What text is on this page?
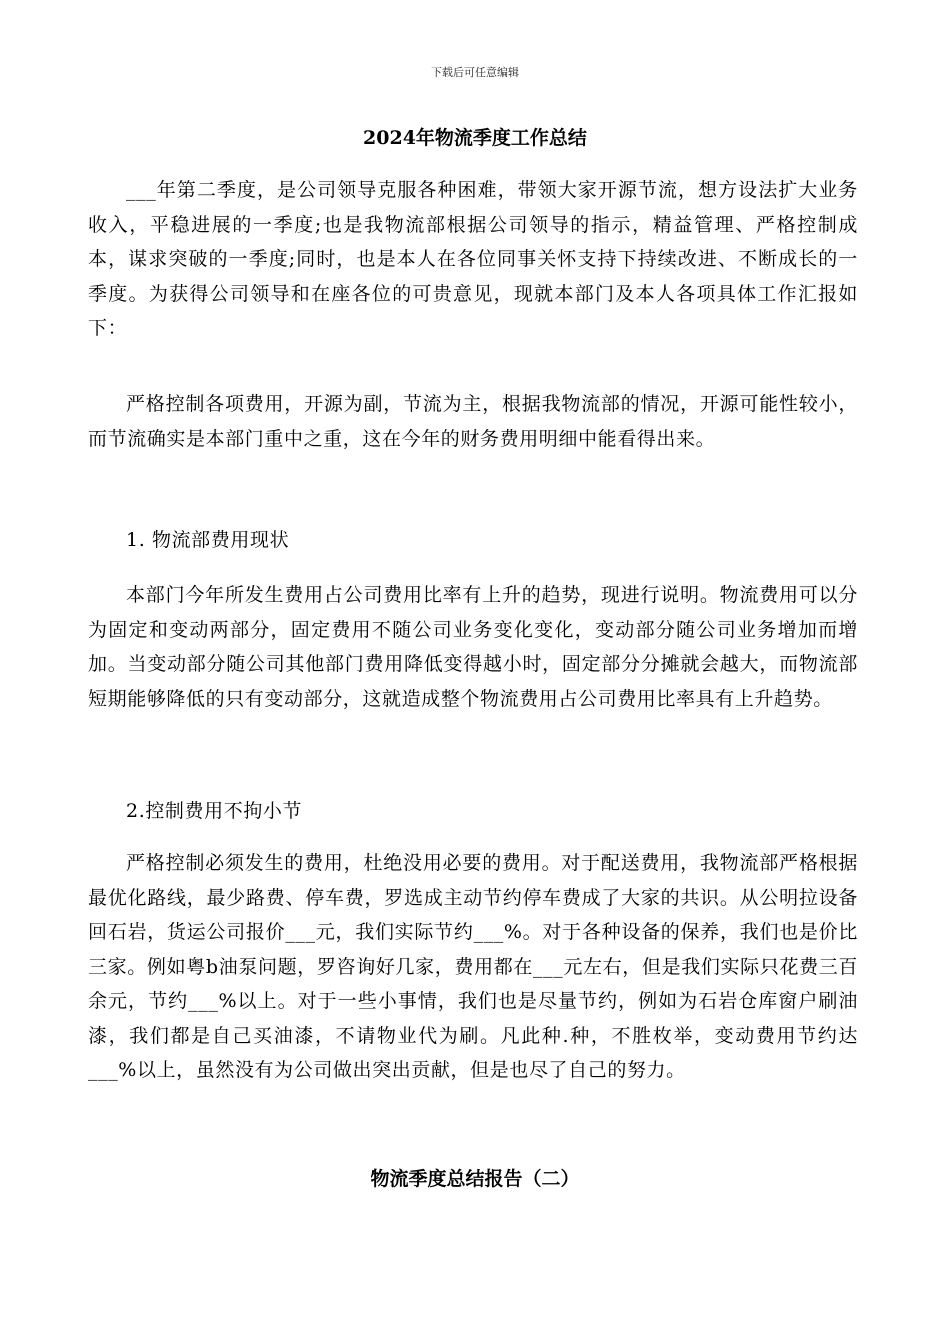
下载后可任意编辑
2024年物流季度工作总结

___年第二季度，是公司领导克服各种困难，带领大家开源节流，想方设法扩大业务收入，平稳进展的一季度;也是我物流部根据公司领导的指示，精益管理、严格控制成本，谋求突破的一季度;同时，也是本人在各位同事关怀支持下持续改进、不断成长的一季度。为获得公司领导和在座各位的可贵意见，现就本部门及本人各项具体工作汇报如下：

严格控制各项费用，开源为副，节流为主，根据我物流部的情况，开源可能性较小，而节流确实是本部门重中之重，这在今年的财务费用明细中能看得出来。

1. 物流部费用现状

本部门今年所发生费用占公司费用比率有上升的趋势，现进行说明。物流费用可以分为固定和变动两部分，固定费用不随公司业务变化变化，变动部分随公司业务增加而增加。当变动部分随公司其他部门费用降低变得越小时，固定部分分摊就会越大，而物流部短期能够降低的只有变动部分，这就造成整个物流费用占公司费用比率具有上升趋势。

2.控制费用不拘小节

严格控制必须发生的费用，杜绝没用必要的费用。对于配送费用，我物流部严格根据最优化路线，最少路费、停车费，罗选成主动节约停车费成了大家的共识。从公明拉设备回石岩，货运公司报价___元，我们实际节约___%。对于各种设备的保养，我们也是价比三家。例如粤b油泵问题，罗咨询好几家，费用都在___元左右，但是我们实际只花费三百余元，节约___%以上。对于一些小事情，我们也是尽量节约，例如为石岩仓库窗户刷油漆，我们都是自己买油漆，不请物业代为刷。凡此种.种，不胜枚举，变动费用节约达___%以上，虽然没有为公司做出突出贡献，但是也尽了自己的努力。

物流季度总结报告（二）
